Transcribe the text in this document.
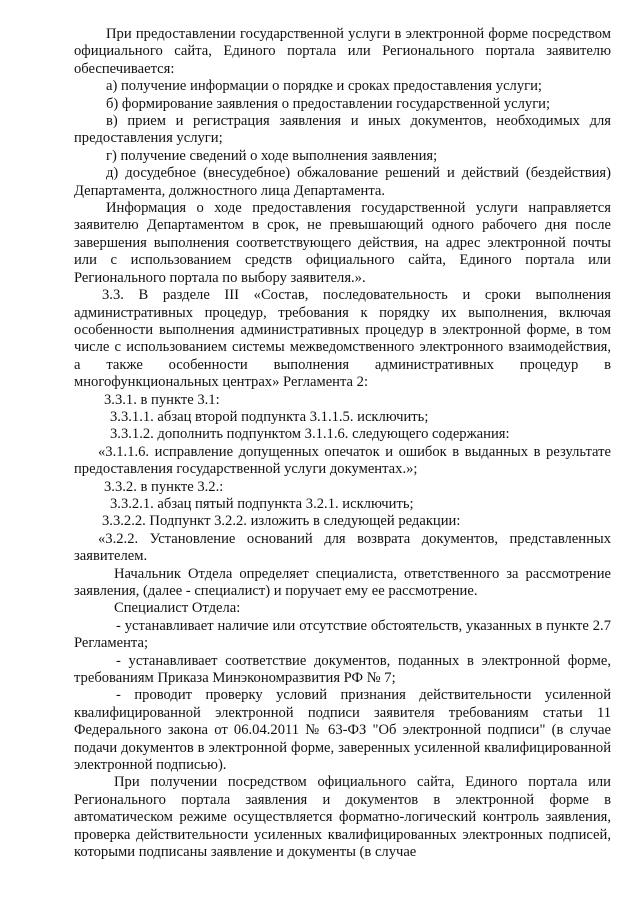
При предоставлении государственной услуги в электронной форме посредством официального сайта, Единого портала или Регионального портала заявителю обеспечивается:

а) получение информации о порядке и сроках предоставления услуги;

б) формирование заявления о предоставлении государственной услуги;

в) прием и регистрация заявления и иных документов, необходимых для предоставления услуги;

г) получение сведений о ходе выполнения заявления;

д) досудебное (внесудебное) обжалование решений и действий (бездействия) Департамента, должностного лица Департамента.

Информация о ходе предоставления государственной услуги направляется заявителю Департаментом в срок, не превышающий одного рабочего дня после завершения выполнения соответствующего действия, на адрес электронной почты или с использованием средств официального сайта, Единого портала или Регионального портала по выбору заявителя.».

3.3. В разделе III «Состав, последовательность и сроки выполнения административных процедур, требования к порядку их выполнения, включая особенности выполнения административных процедур в электронной форме, в том числе с использованием системы межведомственного электронного взаимодействия, а также особенности выполнения административных процедур в многофункциональных центрах» Регламента 2:

3.3.1. в пункте 3.1:

3.3.1.1. абзац второй подпункта 3.1.1.5. исключить;

3.3.1.2. дополнить подпунктом 3.1.1.6. следующего содержания:

«3.1.1.6. исправление допущенных опечаток и ошибок в выданных в результате предоставления государственной услуги документах.»;

3.3.2. в пункте 3.2.:

3.3.2.1. абзац пятый подпункта 3.2.1. исключить;

3.3.2.2. Подпункт 3.2.2. изложить в следующей редакции:

«3.2.2. Установление оснований для возврата документов, представленных заявителем.

Начальник Отдела определяет специалиста, ответственного за рассмотрение заявления, (далее - специалист) и поручает ему ее рассмотрение.

Специалист Отдела:

- устанавливает наличие или отсутствие обстоятельств, указанных в пункте 2.7 Регламента;

- устанавливает соответствие документов, поданных в электронной форме, требованиям Приказа Минэкономразвития РФ № 7;

- проводит проверку условий признания действительности усиленной квалифицированной электронной подписи заявителя требованиям статьи 11 Федерального закона от 06.04.2011 № 63-ФЗ "Об электронной подписи" (в случае подачи документов в электронной форме, заверенных усиленной квалифицированной электронной подписью).

При получении посредством официального сайта, Единого портала или Регионального портала заявления и документов в электронной форме в автоматическом режиме осуществляется форматно-логический контроль заявления, проверка действительности усиленных квалифицированных электронных подписей, которыми подписаны заявление и документы (в случае
